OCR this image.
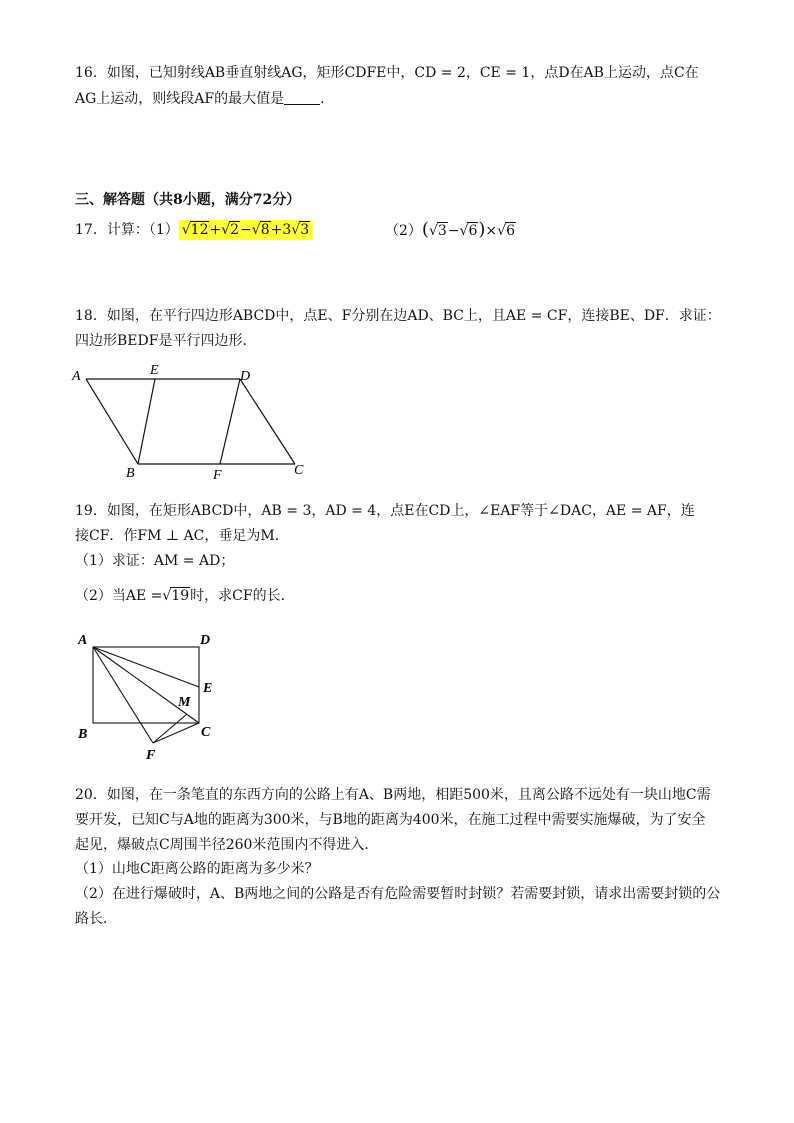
16．如图，已知射线AB垂直射线AG，矩形CDFE中，CD = 2，CE = 1，点D在AB上运动，点C在
AG上运动，则线段AF的最大值是	．
三、解答题（共8小题，满分72分）
17．计算：（1） √12+√2−√8+3√3	（2）(√3−√6)×√6
18．如图，在平行四边形ABCD中，点E、F分别在边AD、BC上，且AE = CF，连接BE、DF．求证：
四边形BEDF是平行四边形．
A	E	D
B	F	C
19．如图，在矩形ABCD中，AB = 3，AD = 4，点E在CD上，∠EAF等于∠DAC，AE = AF，连
接CF．作FM ⊥ AC，垂足为M．
（1）求证：AM = AD；
（2）当AE =√19时，求CF的长．
A	D
E
M
B	C
F
20．如图，在一条笔直的东西方向的公路上有A、B两地，相距500米，且离公路不远处有一块山地C需
要开发，已知C与A地的距离为300米，与B地的距离为400米，在施工过程中需要实施爆破，为了安全
起见，爆破点C周围半径260米范围内不得进入．
（1）山地C距离公路的距离为多少米？
（2）在进行爆破时，A、B两地之间的公路是否有危险需要暂时封锁？若需要封锁，请求出需要封锁的公
路长．
